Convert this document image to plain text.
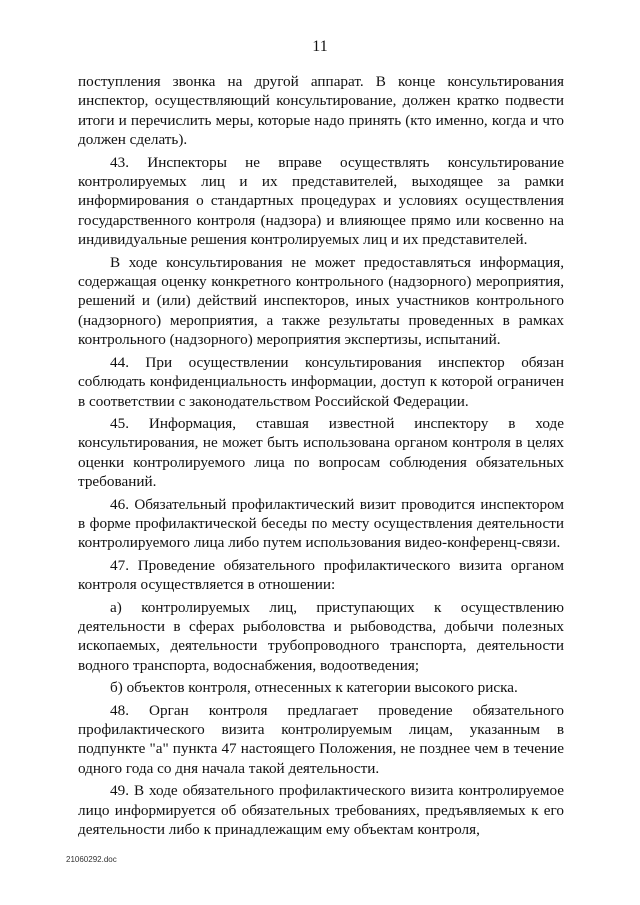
11

поступления звонка на другой аппарат. В конце консультирования инспектор, осуществляющий консультирование, должен кратко подвести итоги и перечислить меры, которые надо принять (кто именно, когда и что должен сделать).

43. Инспекторы не вправе осуществлять консультирование контролируемых лиц и их представителей, выходящее за рамки информирования о стандартных процедурах и условиях осуществления государственного контроля (надзора) и влияющее прямо или косвенно на индивидуальные решения контролируемых лиц и их представителей.

В ходе консультирования не может предоставляться информация, содержащая оценку конкретного контрольного (надзорного) мероприятия, решений и (или) действий инспекторов, иных участников контрольного (надзорного) мероприятия, а также результаты проведенных в рамках контрольного (надзорного) мероприятия экспертизы, испытаний.

44. При осуществлении консультирования инспектор обязан соблюдать конфиденциальность информации, доступ к которой ограничен в соответствии с законодательством Российской Федерации.

45. Информация, ставшая известной инспектору в ходе консультирования, не может быть использована органом контроля в целях оценки контролируемого лица по вопросам соблюдения обязательных требований.

46. Обязательный профилактический визит проводится инспектором в форме профилактической беседы по месту осуществления деятельности контролируемого лица либо путем использования видео-конференц-связи.

47. Проведение обязательного профилактического визита органом контроля осуществляется в отношении:

а) контролируемых лиц, приступающих к осуществлению деятельности в сферах рыболовства и рыбоводства, добычи полезных ископаемых, деятельности трубопроводного транспорта, деятельности водного транспорта, водоснабжения, водоотведения;

б) объектов контроля, отнесенных к категории высокого риска.

48. Орган контроля предлагает проведение обязательного профилактического визита контролируемым лицам, указанным в подпункте "а" пункта 47 настоящего Положения, не позднее чем в течение одного года со дня начала такой деятельности.

49. В ходе обязательного профилактического визита контролируемое лицо информируется об обязательных требованиях, предъявляемых к его деятельности либо к принадлежащим ему объектам контроля,

21060292.doc
